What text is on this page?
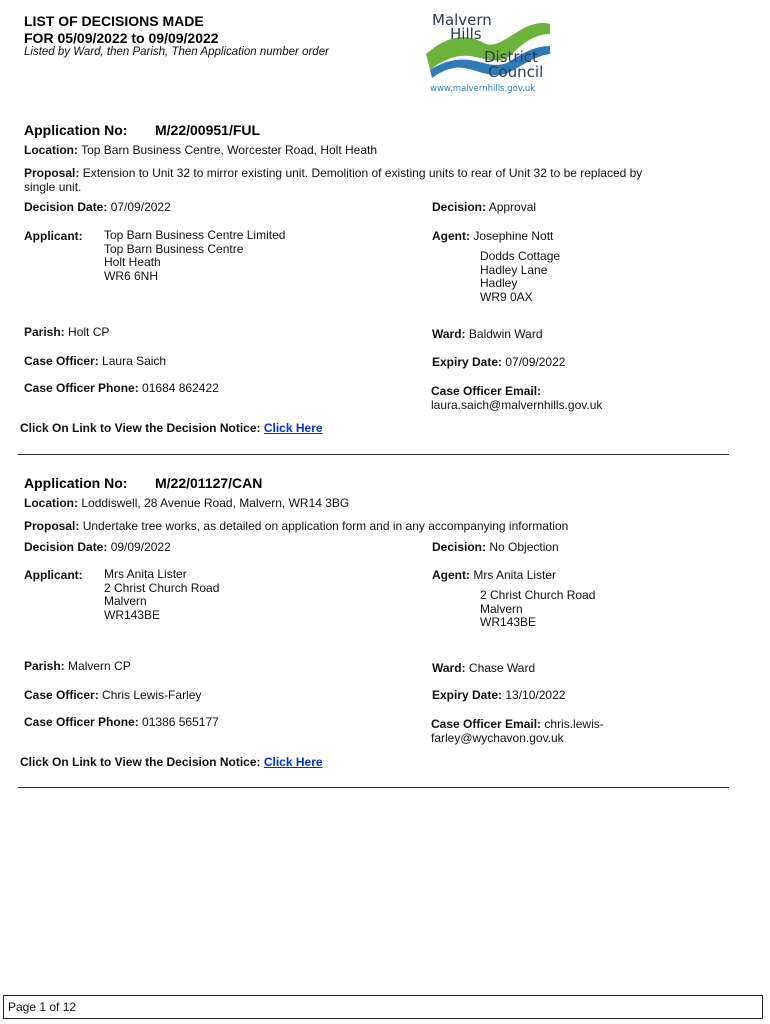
LIST OF DECISIONS MADE
FOR 05/09/2022 to 09/09/2022
Listed by Ward, then Parish, Then Application number order
Malvern
Hills
District
Council
www.malvernhills.gov.uk
Application No: M/22/00951/FUL
Location: Top Barn Business Centre, Worcester Road, Holt Heath
Proposal: Extension to Unit 32 to mirror existing unit. Demolition of existing units to rear of Unit 32 to be replaced by
single unit.
Decision Date: 07/09/2022	Decision: Approval
Applicant: Top Barn Business Centre Limited
Top Barn Business Centre
Holt Heath
WR6 6NH
Agent: Josephine Nott
Dodds Cottage
Hadley Lane
Hadley
WR9 0AX
Parish: Holt CP	Ward: Baldwin Ward
Case Officer: Laura Saich	Expiry Date: 07/09/2022
Case Officer Phone: 01684 862422	Case Officer Email:
laura.saich@malvernhills.gov.uk
Click On Link to View the Decision Notice: Click Here
Application No: M/22/01127/CAN
Location: Loddiswell, 28 Avenue Road, Malvern, WR14 3BG
Proposal: Undertake tree works, as detailed on application form and in any accompanying information
Decision Date: 09/09/2022	Decision: No Objection
Applicant: Mrs Anita Lister
2 Christ Church Road
Malvern
WR143BE
Agent: Mrs Anita Lister
2 Christ Church Road
Malvern
WR143BE
Parish: Malvern CP	Ward: Chase Ward
Case Officer: Chris Lewis-Farley	Expiry Date: 13/10/2022
Case Officer Phone: 01386 565177	Case Officer Email: chris.lewis-
farley@wychavon.gov.uk
Click On Link to View the Decision Notice: Click Here
Page 1 of 12
